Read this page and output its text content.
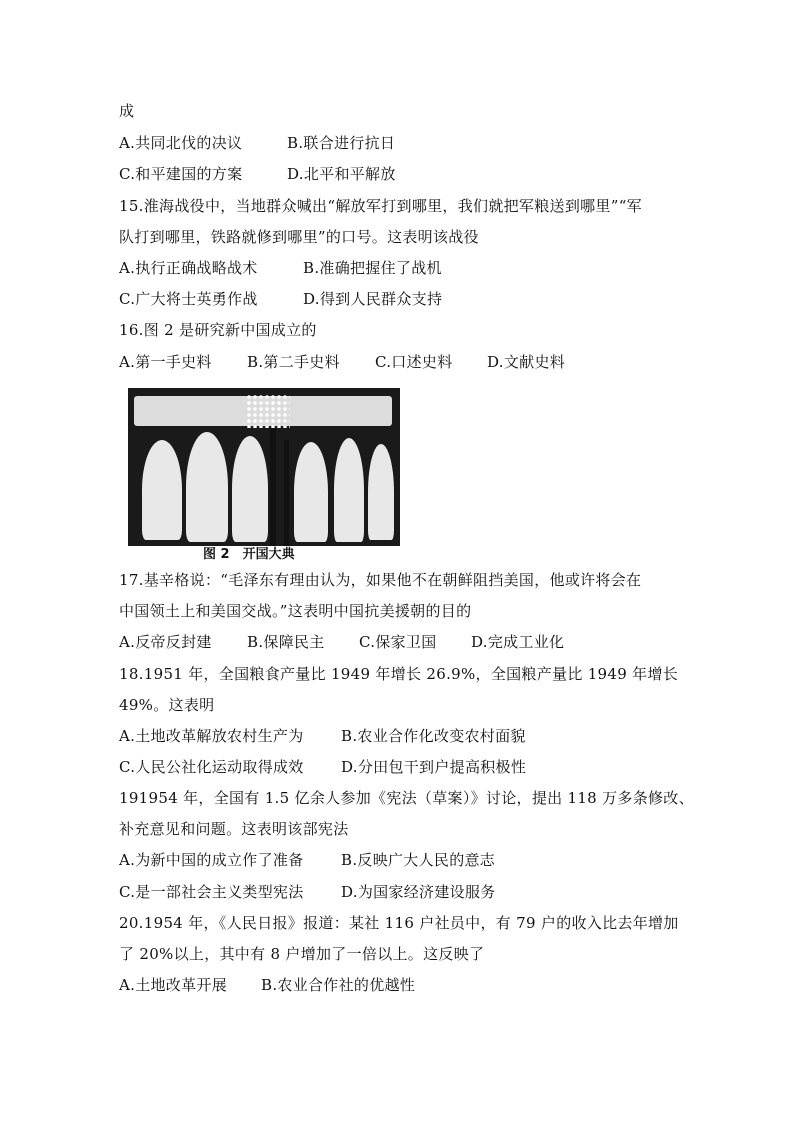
成
A.共同北伐的决议	B.联合进行抗日
C.和平建国的方案	D.北平和平解放
15.淮海战役中，当地群众喊出“解放军打到哪里，我们就把军粮送到哪里”“军
队打到哪里，铁路就修到哪里”的口号。这表明该战役
A.执行正确战略战术	B.准确把握住了战机
C.广大将士英勇作战	D.得到人民群众支持
16.图 2 是研究新中国成立的
A.第一手史料	B.第二手史料	C.口述史料	D.文献史料
图 2　开国大典
17.基辛格说：“毛泽东有理由认为，如果他不在朝鲜阻挡美国，他或许将会在
中国领土上和美国交战。”这表明中国抗美援朝的目的
A.反帝反封建	B.保障民主	C.保家卫国	D.完成工业化
18.1951 年，全国粮食产量比 1949 年增长 26.9%，全国粮产量比 1949 年增长
49%。这表明
A.土地改革解放农村生产为	B.农业合作化改变农村面貌
C.人民公社化运动取得成效	D.分田包干到户提高积极性
191954 年，全国有 1.5 亿余人参加《宪法（草案）》讨论，提出 118 万多条修改、
补充意见和问题。这表明该部宪法
A.为新中国的成立作了准备	B.反映广大人民的意志
C.是一部社会主义类型宪法	D.为国家经济建设服务
20.1954 年，《人民日报》报道：某社 116 户社员中，有 79 户的收入比去年增加
了 20%以上，其中有 8 户增加了一倍以上。这反映了
A.土地改革开展	B.农业合作社的优越性
